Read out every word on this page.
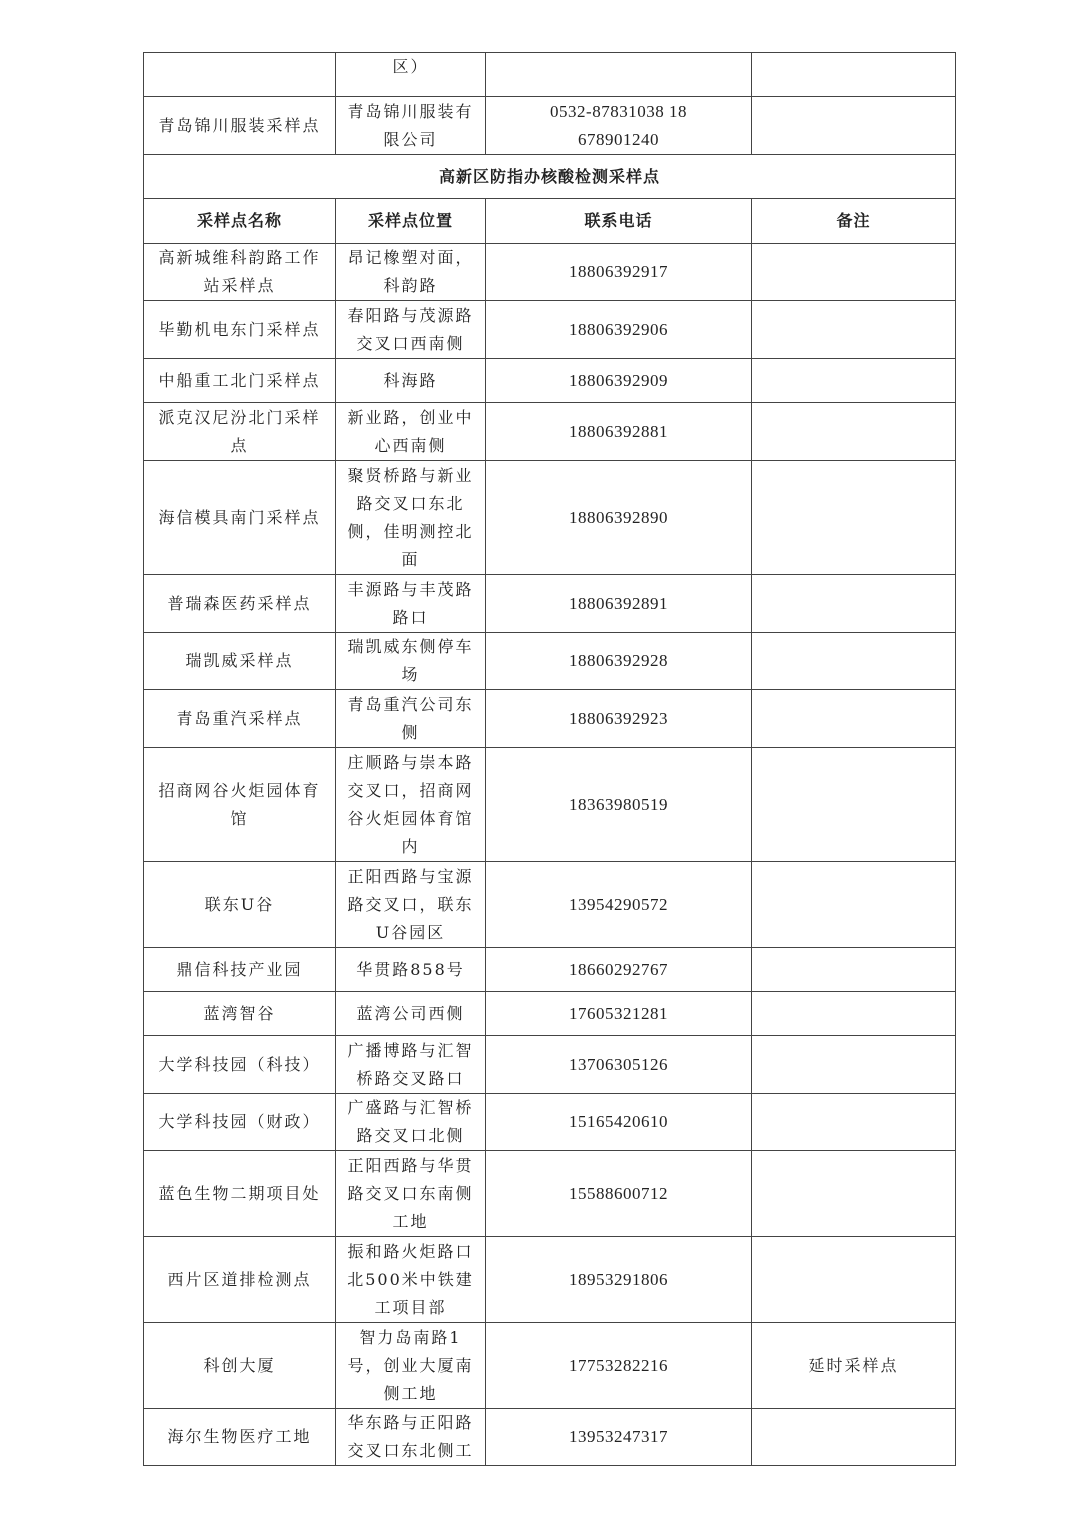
	区）		
青岛锦川服装采样点	青岛锦川服装有限公司	0532-87831038 18678901240	
高新区防指办核酸检测采样点			
采样点名称	采样点位置	联系电话	备注
高新城维科韵路工作站采样点	昂记橡塑对面，科韵路	18806392917	
毕勤机电东门采样点	春阳路与茂源路交叉口西南侧	18806392906	
中船重工北门采样点	科海路	18806392909	
派克汉尼汾北门采样点	新业路，创业中心西南侧	18806392881	
海信模具南门采样点	聚贤桥路与新业路交叉口东北侧，佳明测控北面	18806392890	
普瑞森医药采样点	丰源路与丰茂路路口	18806392891	
瑞凯威采样点	瑞凯威东侧停车场	18806392928	
青岛重汽采样点	青岛重汽公司东侧	18806392923	
招商网谷火炬园体育馆	庄顺路与崇本路交叉口，招商网谷火炬园体育馆内	18363980519	
联东U谷	正阳西路与宝源路交叉口，联东U谷园区	13954290572	
鼎信科技产业园	华贯路858号	18660292767	
蓝湾智谷	蓝湾公司西侧	17605321281	
大学科技园（科技）	广播博路与汇智桥路交叉路口	13706305126	
大学科技园（财政）	广盛路与汇智桥路交叉口北侧	15165420610	
蓝色生物二期项目处	正阳西路与华贯路交叉口东南侧工地	15588600712	
西片区道排检测点	振和路火炬路口北500米中铁建工项目部	18953291806	
科创大厦	智力岛南路1号，创业大厦南侧工地	17753282216	延时采样点
海尔生物医疗工地	华东路与正阳路交叉口东北侧工	13953247317	
